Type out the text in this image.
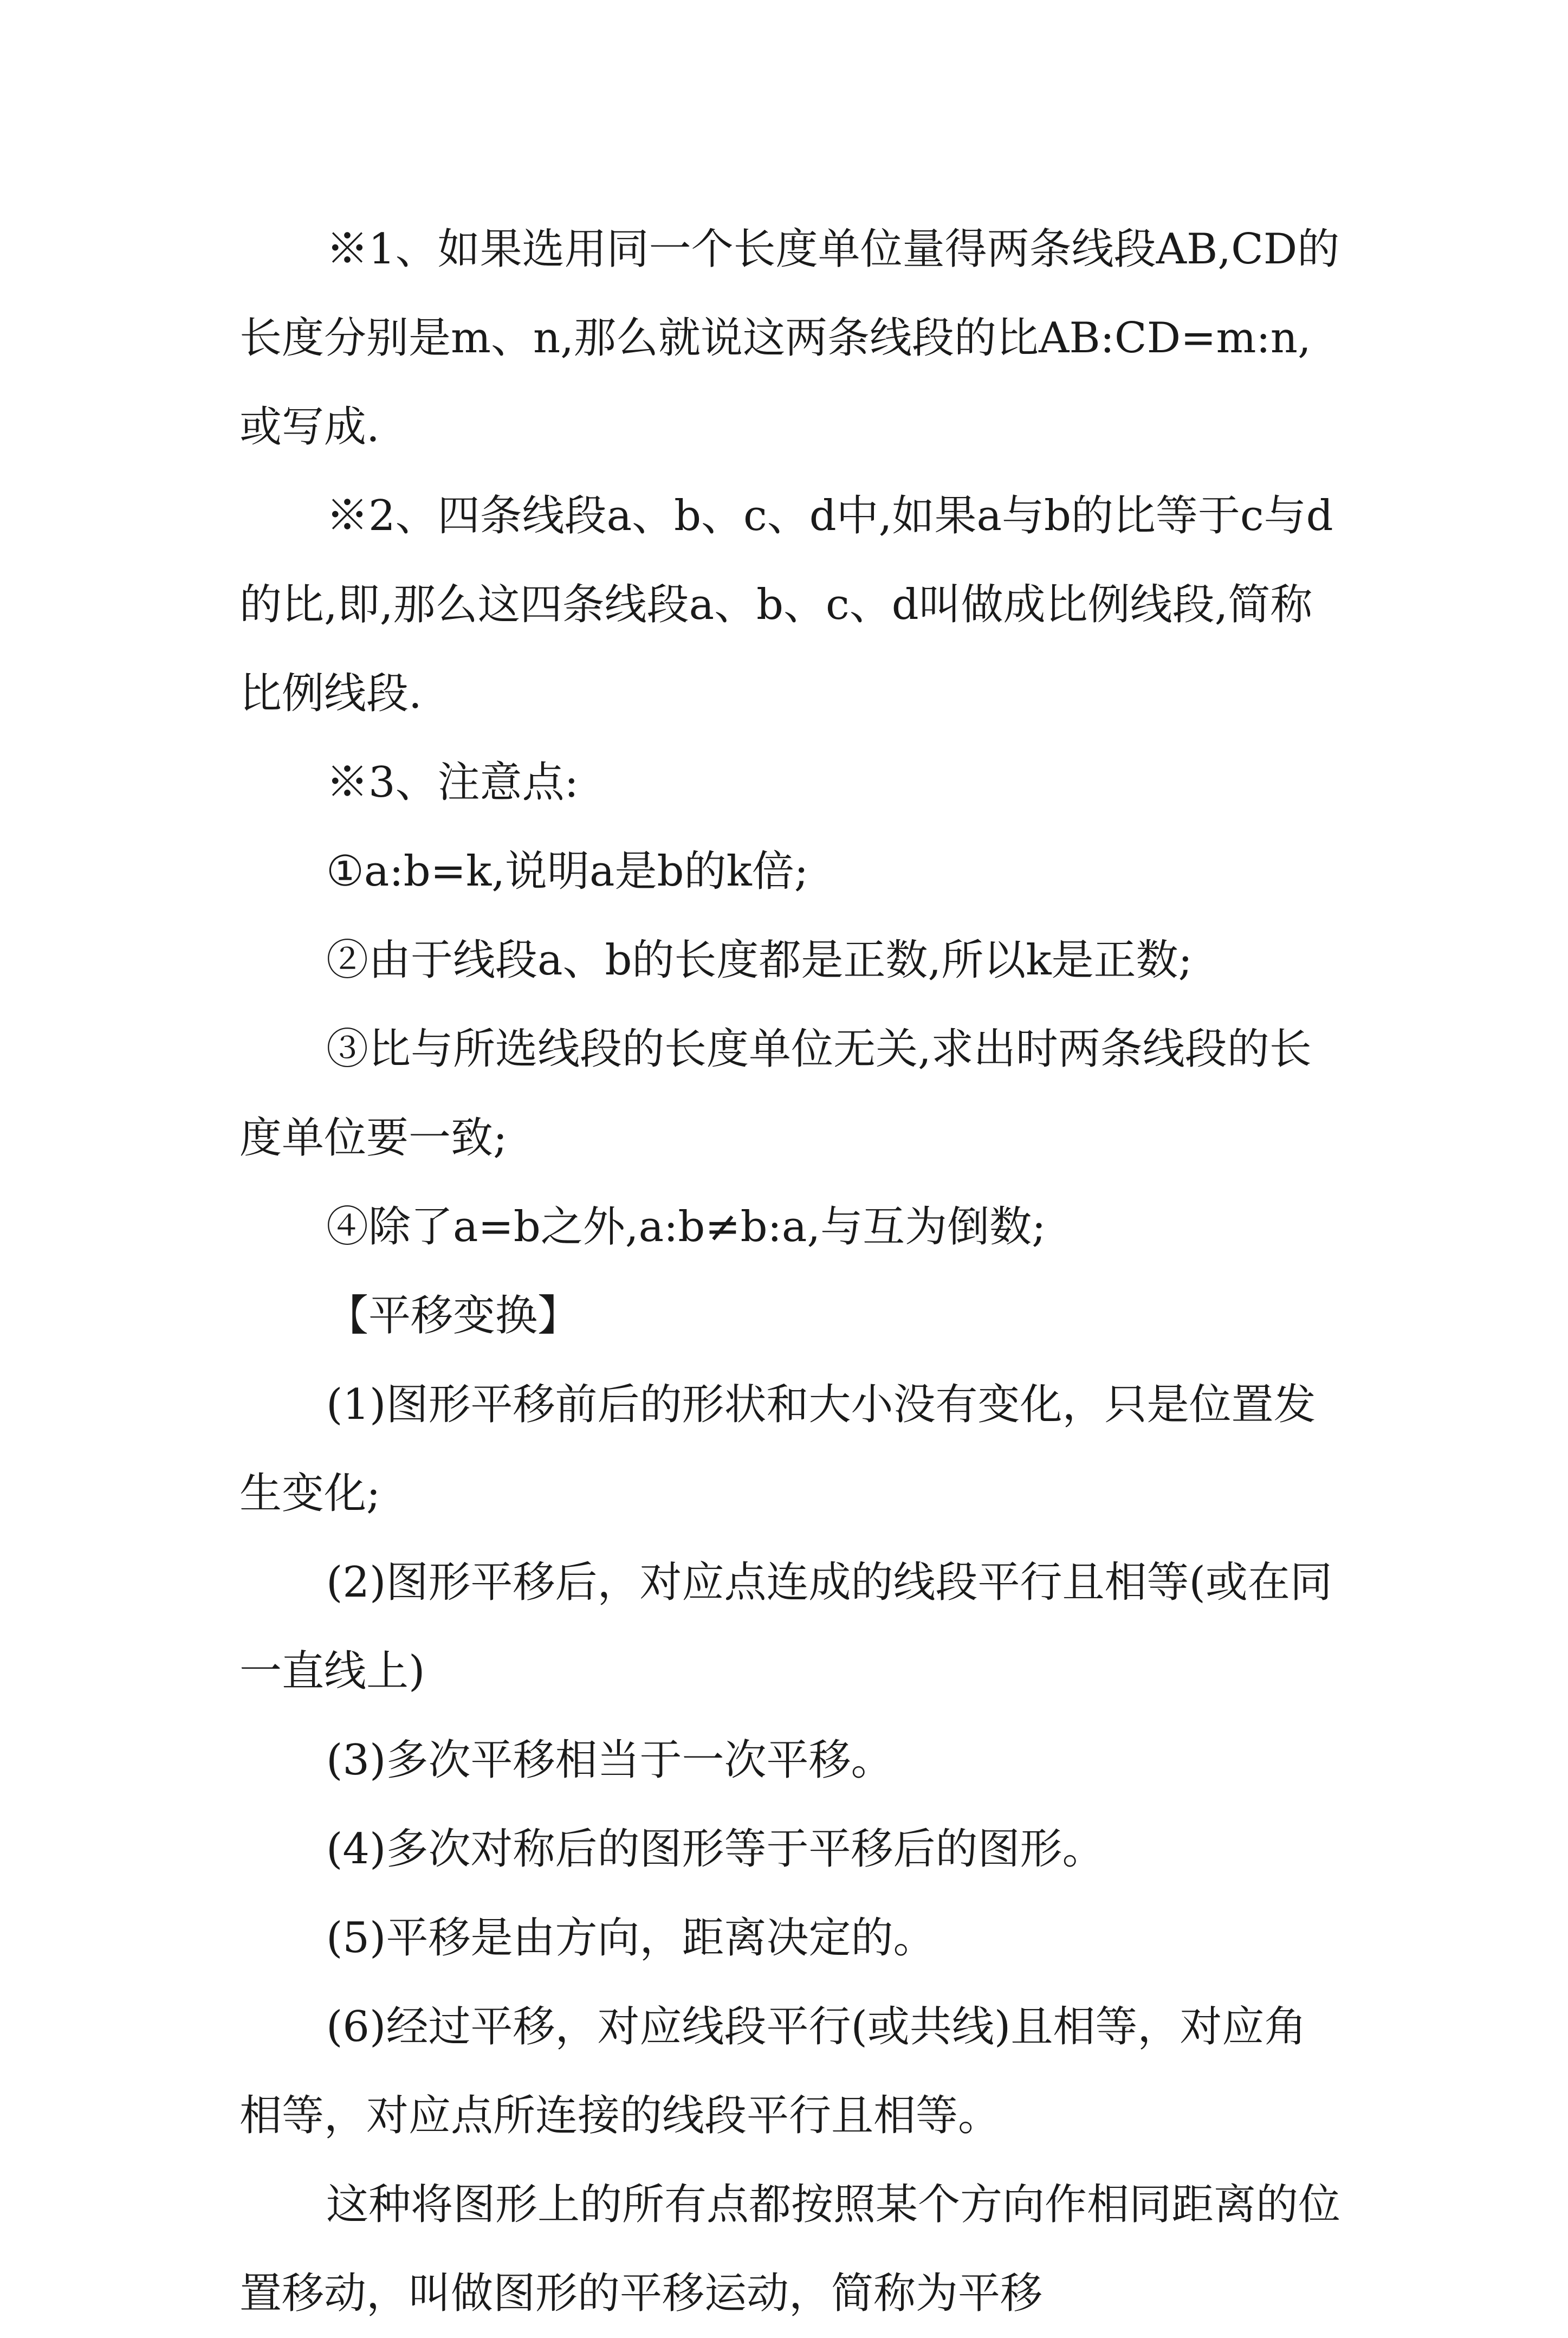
※1、如果选用同一个长度单位量得两条线段AB,CD的长度分别是m、n,那么就说这两条线段的比AB:CD=m:n,或写成.

※2、四条线段a、b、c、d中,如果a与b的比等于c与d的比,即,那么这四条线段a、b、c、d叫做成比例线段,简称比例线段.

※3、注意点:

①a:b=k,说明a是b的k倍;

②由于线段a、b的长度都是正数,所以k是正数;

③比与所选线段的长度单位无关,求出时两条线段的长度单位要一致;

④除了a=b之外,a:b≠b:a,与互为倒数;

【平移变换】

(1)图形平移前后的形状和大小没有变化，只是位置发生变化;

(2)图形平移后，对应点连成的线段平行且相等(或在同一直线上)

(3)多次平移相当于一次平移。

(4)多次对称后的图形等于平移后的图形。

(5)平移是由方向，距离决定的。

(6)经过平移，对应线段平行(或共线)且相等，对应角相等，对应点所连接的线段平行且相等。

这种将图形上的所有点都按照某个方向作相同距离的位置移动，叫做图形的平移运动，简称为平移
